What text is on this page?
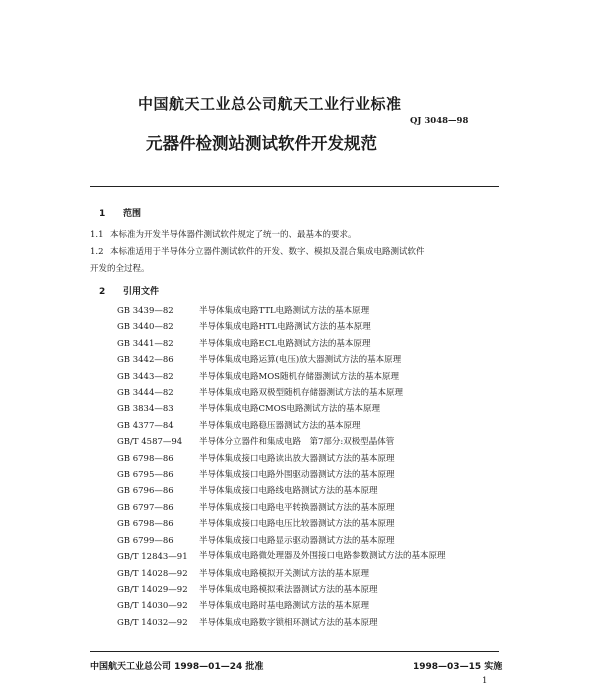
中国航天工业总公司航天工业行业标准
QJ 3048—98
元器件检测站测试软件开发规范
1 范围
1.1 本标准为开发半导体器件测试软件规定了统一的、最基本的要求。
1.2 本标准适用于半导体分立器件测试软件的开发、数字、模拟及混合集成电路测试软件
开发的全过程。
2 引用文件
GB 3439—82	半导体集成电路TTL电路测试方法的基本原理
GB 3440—82	半导体集成电路HTL电路测试方法的基本原理
GB 3441—82	半导体集成电路ECL电路测试方法的基本原理
GB 3442—86	半导体集成电路运算(电压)放大器测试方法的基本原理
GB 3443—82	半导体集成电路MOS随机存储器测试方法的基本原理
GB 3444—82	半导体集成电路双极型随机存储器测试方法的基本原理
GB 3834—83	半导体集成电路CMOS电路测试方法的基本原理
GB 4377—84	半导体集成电路稳压器测试方法的基本原理
GB/T 4587—94	半导体分立器件和集成电路　第7部分:双极型晶体管
GB 6798—86	半导体集成接口电路读出放大器测试方法的基本原理
GB 6795—86	半导体集成接口电路外围驱动器测试方法的基本原理
GB 6796—86	半导体集成接口电路线电路测试方法的基本原理
GB 6797—86	半导体集成接口电路电平转换器测试方法的基本原理
GB 6798—86	半导体集成接口电路电压比较器测试方法的基本原理
GB 6799—86	半导体集成接口电路显示驱动器测试方法的基本原理
GB/T 12843—91	半导体集成电路微处理器及外围接口电路参数测试方法的基本原理
GB/T 14028—92	半导体集成电路模拟开关测试方法的基本原理
GB/T 14029—92	半导体集成电路模拟乘法器测试方法的基本原理
GB/T 14030—92	半导体集成电路时基电路测试方法的基本原理
GB/T 14032—92	半导体集成电路数字锁相环测试方法的基本原理
中国航天工业总公司 1998—01—24 批准	1998—03—15 实施
1
